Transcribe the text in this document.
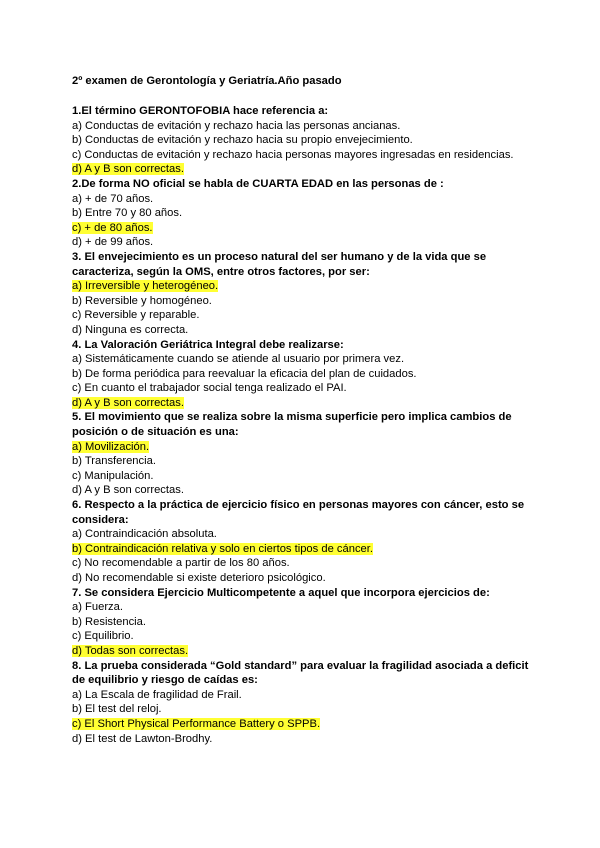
2º examen de Gerontología y Geriatría.Año pasado
1.El término GERONTOFOBIA hace referencia a:
a) Conductas de evitación y rechazo hacia las personas ancianas.
b) Conductas de evitación y rechazo hacia su propio envejecimiento.
c) Conductas de evitación y rechazo hacia personas mayores ingresadas en residencias.
d) A y B son correctas.
2.De forma NO oficial se habla de CUARTA EDAD en las personas de :
a) + de 70 años.
b) Entre 70 y 80 años.
c) + de 80 años.
d) + de 99 años.
3. El envejecimiento es un proceso natural del ser humano y de la vida que se caracteriza, según la OMS, entre otros factores, por ser:
a) Irreversible y heterogéneo.
b) Reversible y homogéneo.
c) Reversible y reparable.
d) Ninguna es correcta.
4. La Valoración Geriátrica Integral debe realizarse:
a) Sistemáticamente cuando se atiende al usuario por primera vez.
b) De forma periódica para reevaluar la eficacia del plan de cuidados.
c) En cuanto el trabajador social tenga realizado el PAI.
d) A y B son correctas.
5. El movimiento que se realiza sobre la misma superficie pero implica cambios de posición o de situación es una:
a) Movilización.
b) Transferencia.
c) Manipulación.
d) A y B son correctas.
6. Respecto a la práctica de ejercicio físico en personas mayores con cáncer, esto se considera:
a) Contraindicación absoluta.
b) Contraindicación relativa y solo en ciertos tipos de cáncer.
c) No recomendable a partir de los 80 años.
d) No recomendable si existe deterioro psicológico.
7. Se considera Ejercicio Multicompetente a aquel que incorpora ejercicios de:
a) Fuerza.
b) Resistencia.
c) Equilibrio.
d) Todas son correctas.
8. La prueba considerada “Gold standard” para evaluar la fragilidad asociada a deficit de equilibrio y riesgo de caídas es:
a) La Escala de fragilidad de Frail.
b) El test del reloj.
c) El Short Physical Performance Battery o SPPB.
d) El test de Lawton-Brodhy.
